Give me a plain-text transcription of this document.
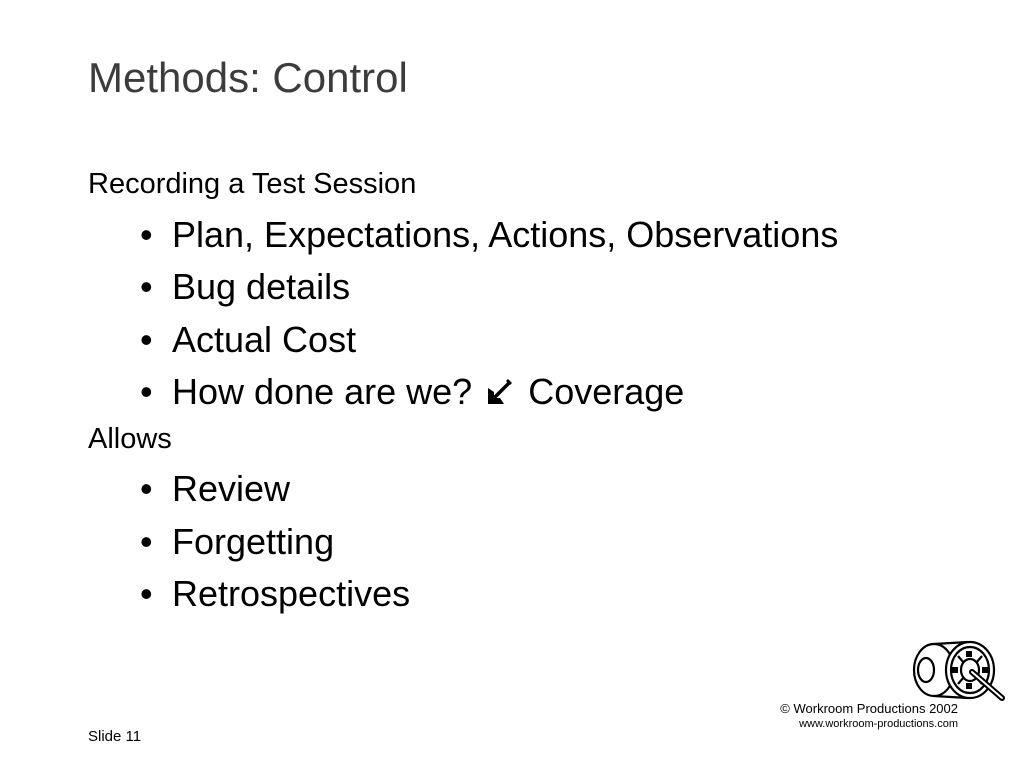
Methods: Control
Recording a Test Session
• Plan, Expectations, Actions, Observations
• Bug details
• Actual Cost
• How done are we? Coverage
Allows
• Review
• Forgetting
• Retrospectives
© Workroom Productions 2002
www.workroom-productions.com
Slide 11
